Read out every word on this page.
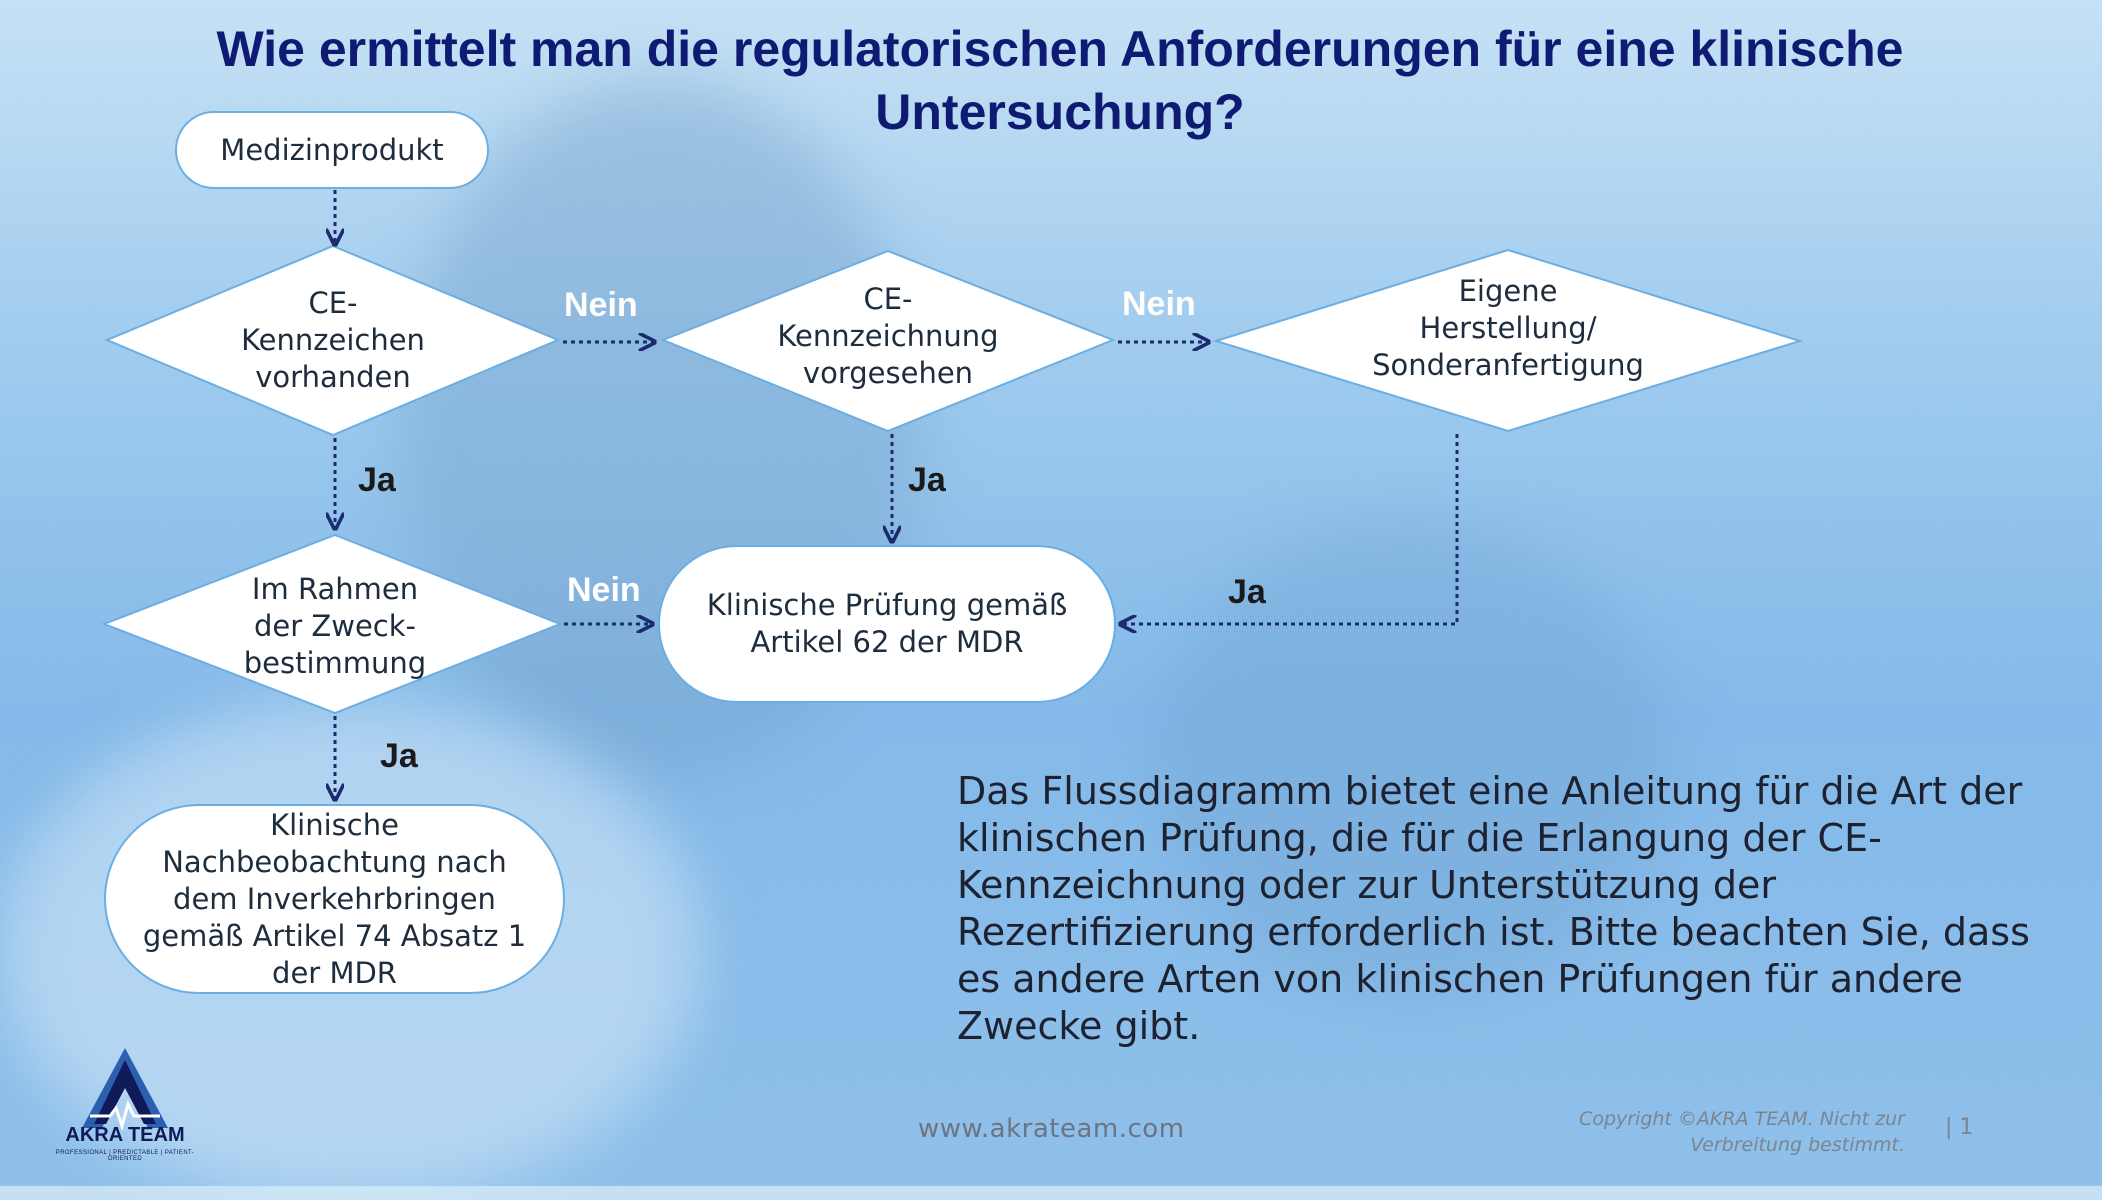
Wie ermittelt man die regulatorischen Anforderungen für eine klinische Untersuchung?
Medizinprodukt
CE-
Kennzeichen
vorhanden
CE-
Kennzeichnung
vorgesehen
Eigene
Herstellung/
Sonderanfertigung
Im Rahmen
der Zweck-
bestimmung
Klinische Prüfung gemäß
Artikel 62 der MDR
Klinische
Nachbeobachtung nach
dem Inverkehrbringen
gemäß Artikel 74 Absatz 1
der MDR
Nein	Nein
Nein
Ja	Ja
Ja
Ja
Das Flussdiagramm bietet eine Anleitung für die Art der klinischen Prüfung, die für die Erlangung der CE-Kennzeichnung oder zur Unterstützung der Rezertifizierung erforderlich ist. Bitte beachten Sie, dass es andere Arten von klinischen Prüfungen für andere Zwecke gibt.
AKRA TEAM
PROFESSIONAL | PREDICTABLE | PATIENT-ORIENTED
www.akrateam.com	Copyright ©AKRA TEAM. Nicht zur Verbreitung bestimmt.
| 1
